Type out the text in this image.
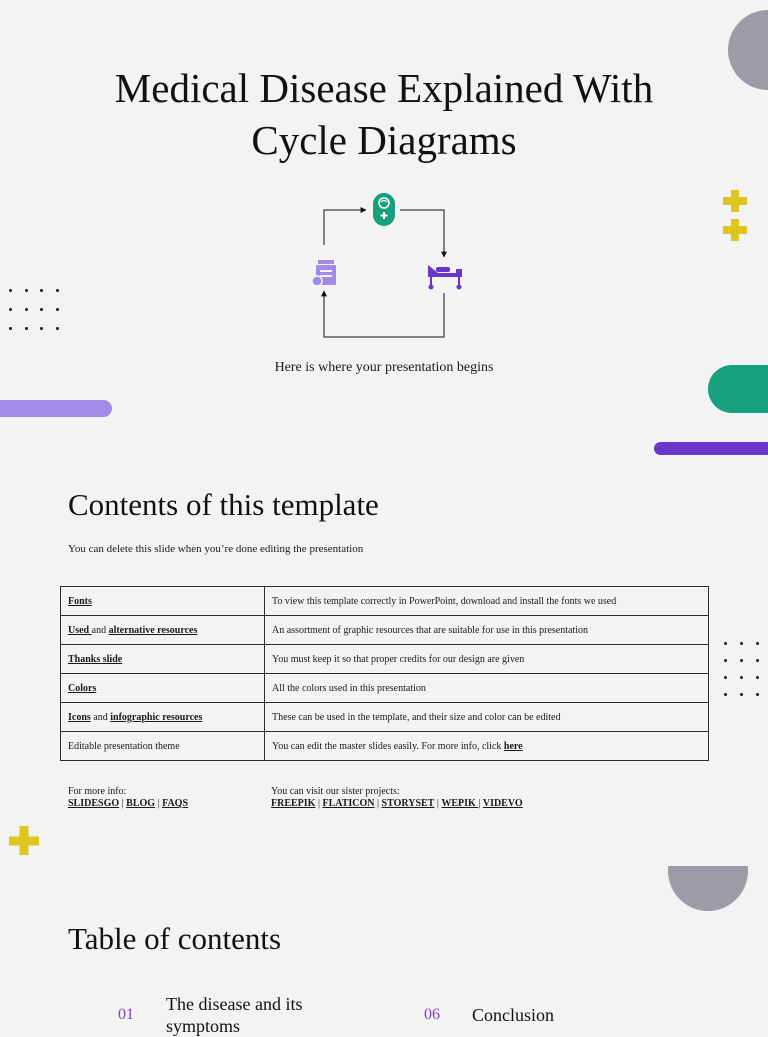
Medical Disease Explained With
Cycle Diagrams
Here is where your presentation begins
Contents of this template
You can delete this slide when you’re done editing the presentation
Fonts	To view this template correctly in PowerPoint, download and install the fonts we used
Used and alternative resources	An assortment of graphic resources that are suitable for use in this presentation
Thanks slide	You must keep it so that proper credits for our design are given
Colors	All the colors used in this presentation
Icons and infographic resources	These can be used in the template, and their size and color can be edited
Editable presentation theme	You can edit the master slides easily. For more info, click here
For more info:
SLIDESGO | BLOG | FAQS
You can visit our sister projects:
FREEPIK | FLATICON | STORYSET | WEPIK | VIDEVO
Table of contents
01
The disease and its
symptoms
06 Conclusion
